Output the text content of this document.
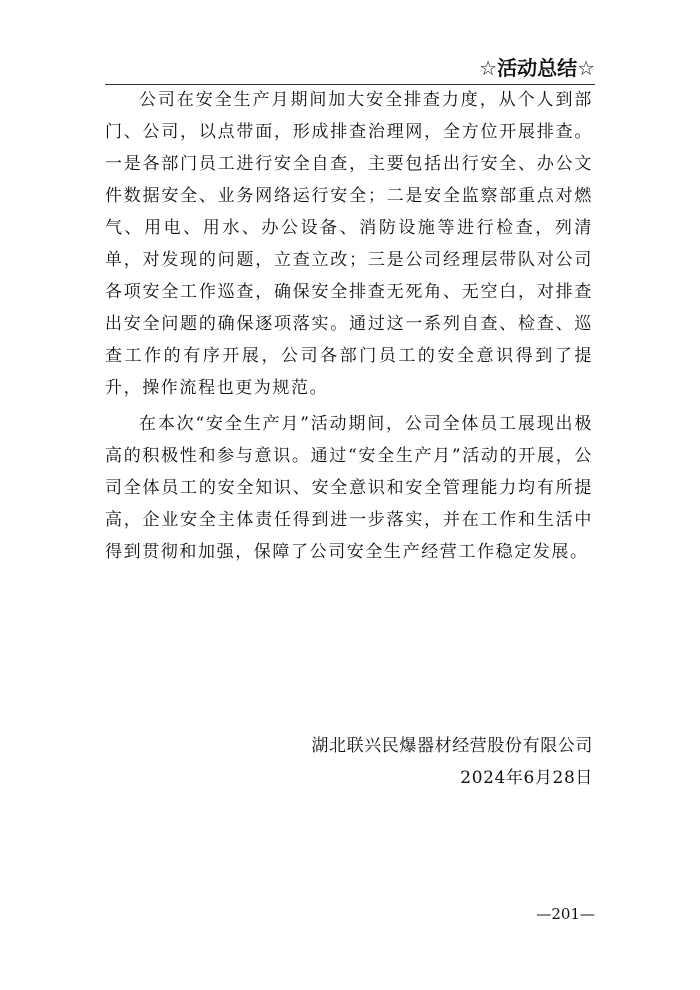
☆活动总结☆

公司在安全生产月期间加大安全排查力度，从个人到部门、公司，以点带面，形成排查治理网，全方位开展排查。一是各部门员工进行安全自查，主要包括出行安全、办公文件数据安全、业务网络运行安全；二是安全监察部重点对燃气、用电、用水、办公设备、消防设施等进行检查，列清单，对发现的问题，立查立改；三是公司经理层带队对公司各项安全工作巡查，确保安全排查无死角、无空白，对排查出安全问题的确保逐项落实。通过这一系列自查、检查、巡查工作的有序开展，公司各部门员工的安全意识得到了提升，操作流程也更为规范。

在本次“安全生产月”活动期间，公司全体员工展现出极高的积极性和参与意识。通过“安全生产月”活动的开展，公司全体员工的安全知识、安全意识和安全管理能力均有所提高，企业安全主体责任得到进一步落实，并在工作和生活中得到贯彻和加强，保障了公司安全生产经营工作稳定发展。

湖北联兴民爆器材经营股份有限公司
2024年6月28日
—201—
